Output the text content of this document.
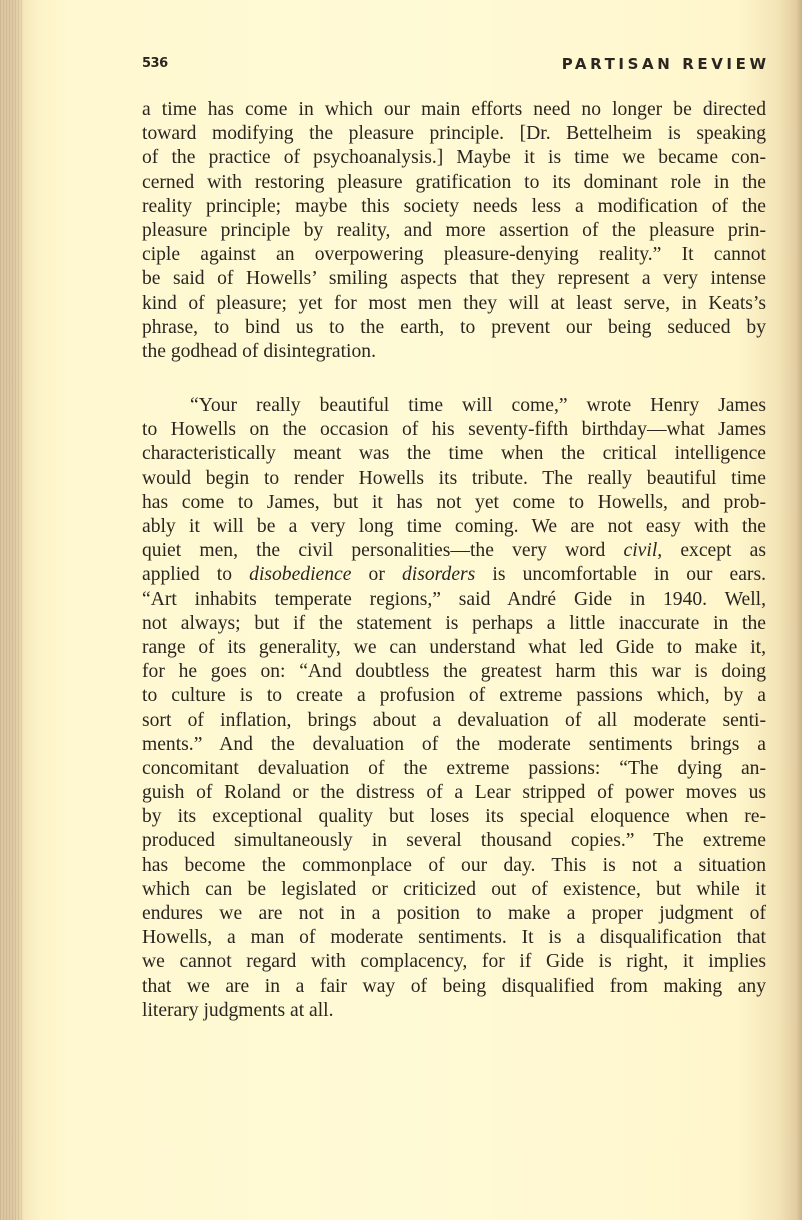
536	PARTISAN REVIEW
a time has come in which our main efforts need no longer be directed
toward modifying the pleasure principle. [Dr. Bettelheim is speaking
of the practice of psychoanalysis.] Maybe it is time we became con-
cerned with restoring pleasure gratification to its dominant role in the
reality principle; maybe this society needs less a modification of the
pleasure principle by reality, and more assertion of the pleasure prin-
ciple against an overpowering pleasure-denying reality.” It cannot
be said of Howells’ smiling aspects that they represent a very intense
kind of pleasure; yet for most men they will at least serve, in Keats’s
phrase, to bind us to the earth, to prevent our being seduced by
the godhead of disintegration.
“Your really beautiful time will come,” wrote Henry James
to Howells on the occasion of his seventy-fifth birthday—what James
characteristically meant was the time when the critical intelligence
would begin to render Howells its tribute. The really beautiful time
has come to James, but it has not yet come to Howells, and prob-
ably it will be a very long time coming. We are not easy with the
quiet men, the civil personalities—the very word civil, except as
applied to disobedience or disorders is uncomfortable in our ears.
“Art inhabits temperate regions,” said André Gide in 1940. Well,
not always; but if the statement is perhaps a little inaccurate in the
range of its generality, we can understand what led Gide to make it,
for he goes on: “And doubtless the greatest harm this war is doing
to culture is to create a profusion of extreme passions which, by a
sort of inflation, brings about a devaluation of all moderate senti-
ments.” And the devaluation of the moderate sentiments brings a
concomitant devaluation of the extreme passions: “The dying an-
guish of Roland or the distress of a Lear stripped of power moves us
by its exceptional quality but loses its special eloquence when re-
produced simultaneously in several thousand copies.” The extreme
has become the commonplace of our day. This is not a situation
which can be legislated or criticized out of existence, but while it
endures we are not in a position to make a proper judgment of
Howells, a man of moderate sentiments. It is a disqualification that
we cannot regard with complacency, for if Gide is right, it implies
that we are in a fair way of being disqualified from making any
literary judgments at all.
